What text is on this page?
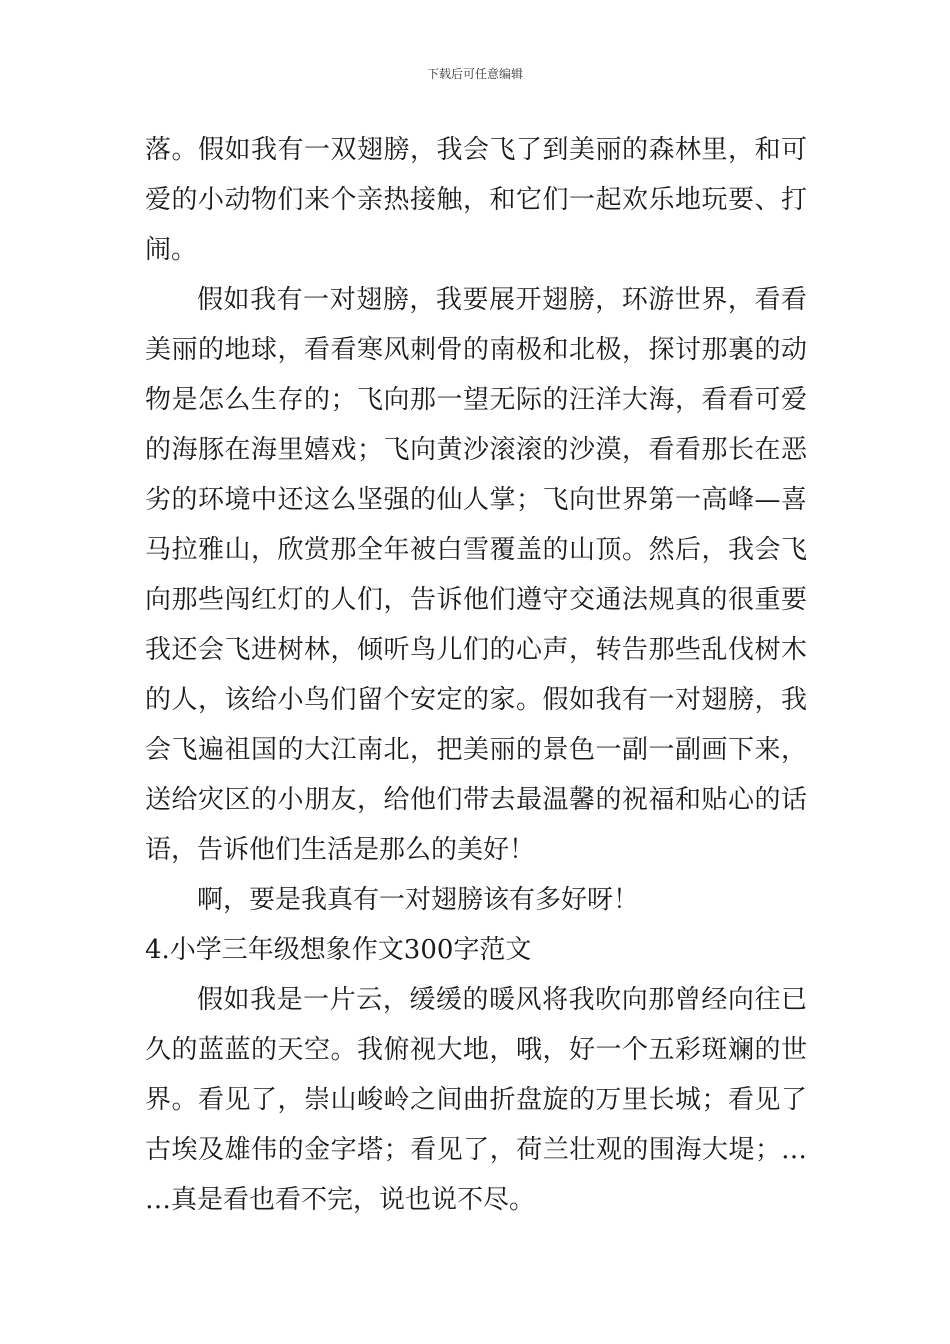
下载后可任意编辑
落。假如我有一双翅膀，我会飞了到美丽的森林里，和可
爱的小动物们来个亲热接触，和它们一起欢乐地玩要、打
闹。
假如我有一对翅膀，我要展开翅膀，环游世界，看看
美丽的地球，看看寒风刺骨的南极和北极，探讨那裏的动
物是怎么生存的；飞向那一望无际的汪洋大海，看看可爱
的海豚在海里嬉戏；飞向黄沙滚滚的沙漠，看看那长在恶
劣的环境中还这么坚强的仙人掌；飞向世界第一高峰—喜
马拉雅山，欣赏那全年被白雪覆盖的山顶。然后，我会飞
向那些闯红灯的人们，告诉他们遵守交通法规真的很重要
我还会飞进树林，倾听鸟儿们的心声，转告那些乱伐树木
的人，该给小鸟们留个安定的家。假如我有一对翅膀，我
会飞遍祖国的大江南北，把美丽的景色一副一副画下来，
送给灾区的小朋友，给他们带去最温馨的祝福和贴心的话
语，告诉他们生活是那么的美好！
啊，要是我真有一对翅膀该有多好呀！
4.小学三年级想象作文300字范文
假如我是一片云，缓缓的暖风将我吹向那曾经向往已
久的蓝蓝的天空。我俯视大地，哦，好一个五彩斑斓的世
界。看见了，崇山峻岭之间曲折盘旋的万里长城；看见了
古埃及雄伟的金字塔；看见了，荷兰壮观的围海大堤；…
…真是看也看不完，说也说不尽。
